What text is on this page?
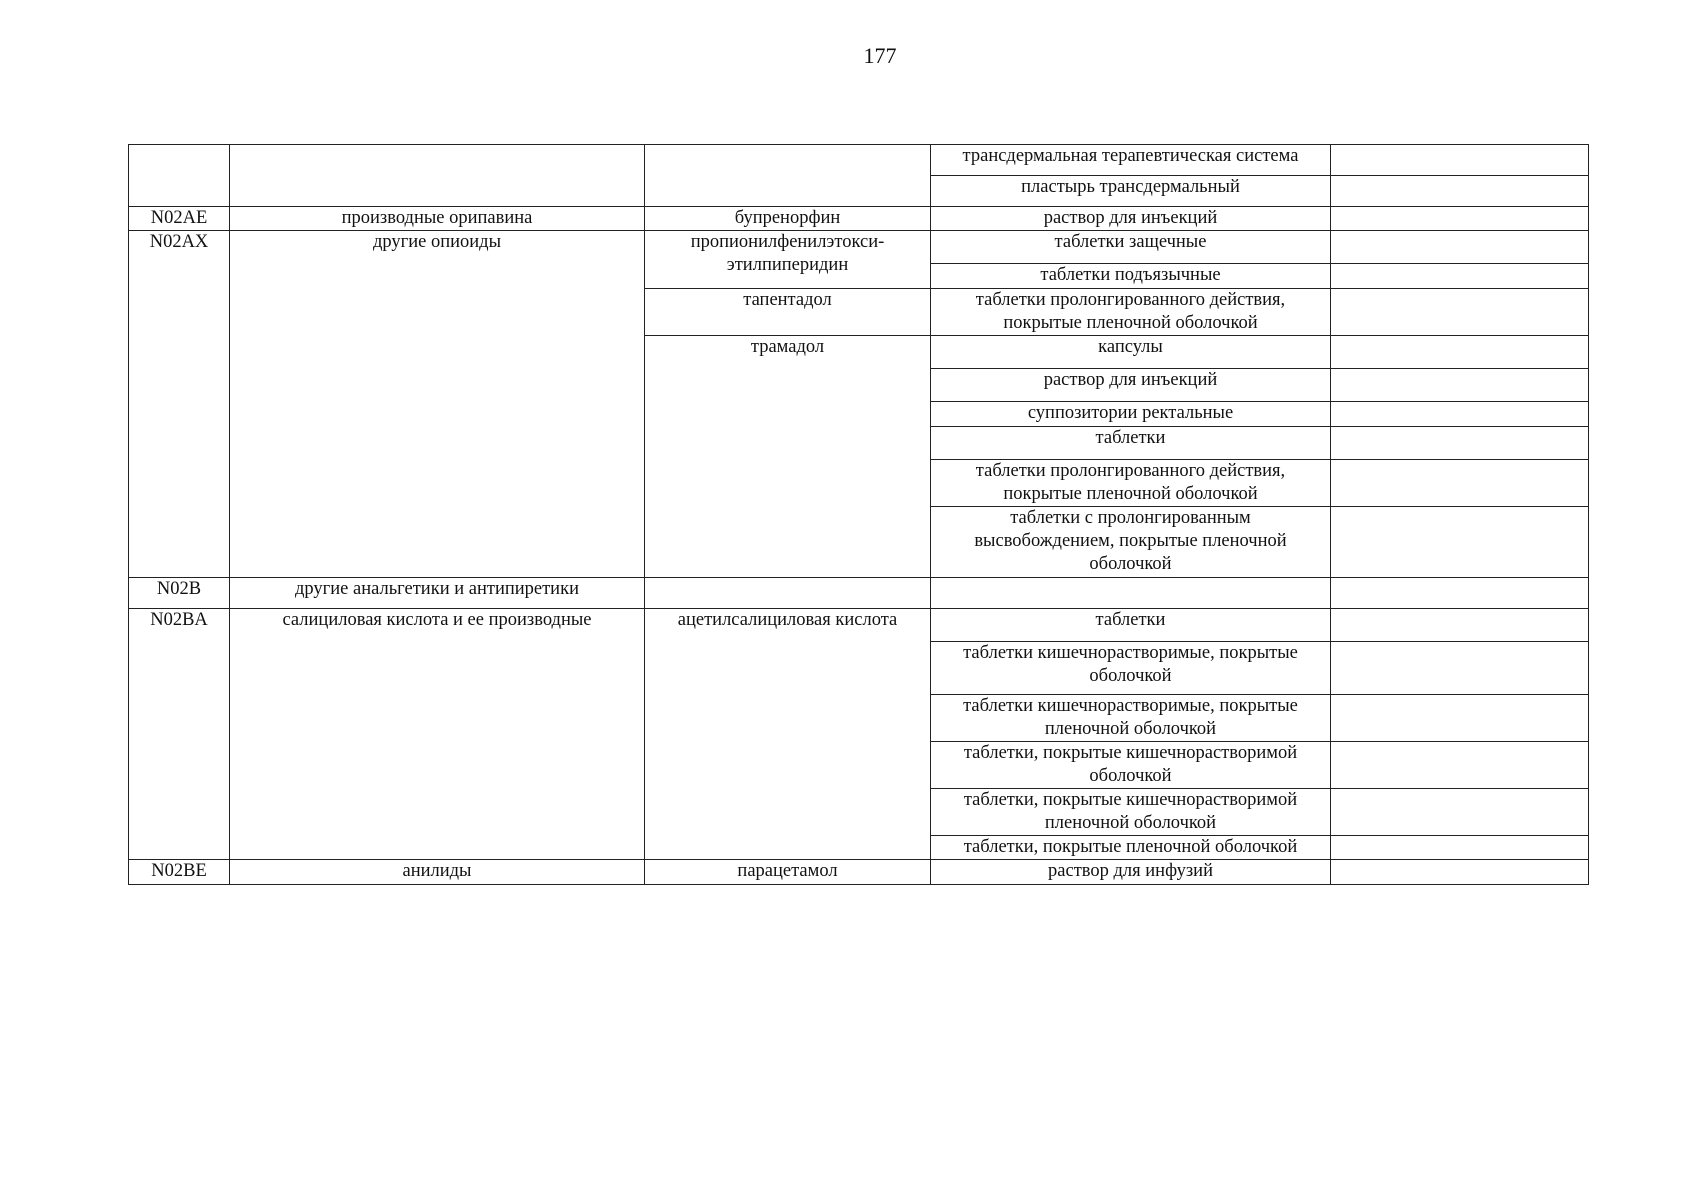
177
			трансдермальная терапевтическая система	
			пластырь трансдермальный	
N02AE	производные орипавина	бупренорфин	раствор для инъекций	
N02AX	другие опиоиды	пропионилфенилэтокси-этилпиперидин	таблетки защечные	
			таблетки подъязычные	
		тапентадол	таблетки пролонгированного действия, покрытые пленочной оболочкой	
		трамадол	капсулы	
			раствор для инъекций	
			суппозитории ректальные	
			таблетки	
			таблетки пролонгированного действия, покрытые пленочной оболочкой	
			таблетки с пролонгированным высвобождением, покрытые пленочной оболочкой	
N02B	другие анальгетики и антипиретики			
N02BA	салициловая кислота и ее производные	ацетилсалициловая кислота	таблетки	
			таблетки кишечнорастворимые, покрытые оболочкой	
			таблетки кишечнорастворимые, покрытые пленочной оболочкой	
			таблетки, покрытые кишечнорастворимой оболочкой	
			таблетки, покрытые кишечнорастворимой пленочной оболочкой	
			таблетки, покрытые пленочной оболочкой	
N02BE	анилиды	парацетамол	раствор для инфузий	
